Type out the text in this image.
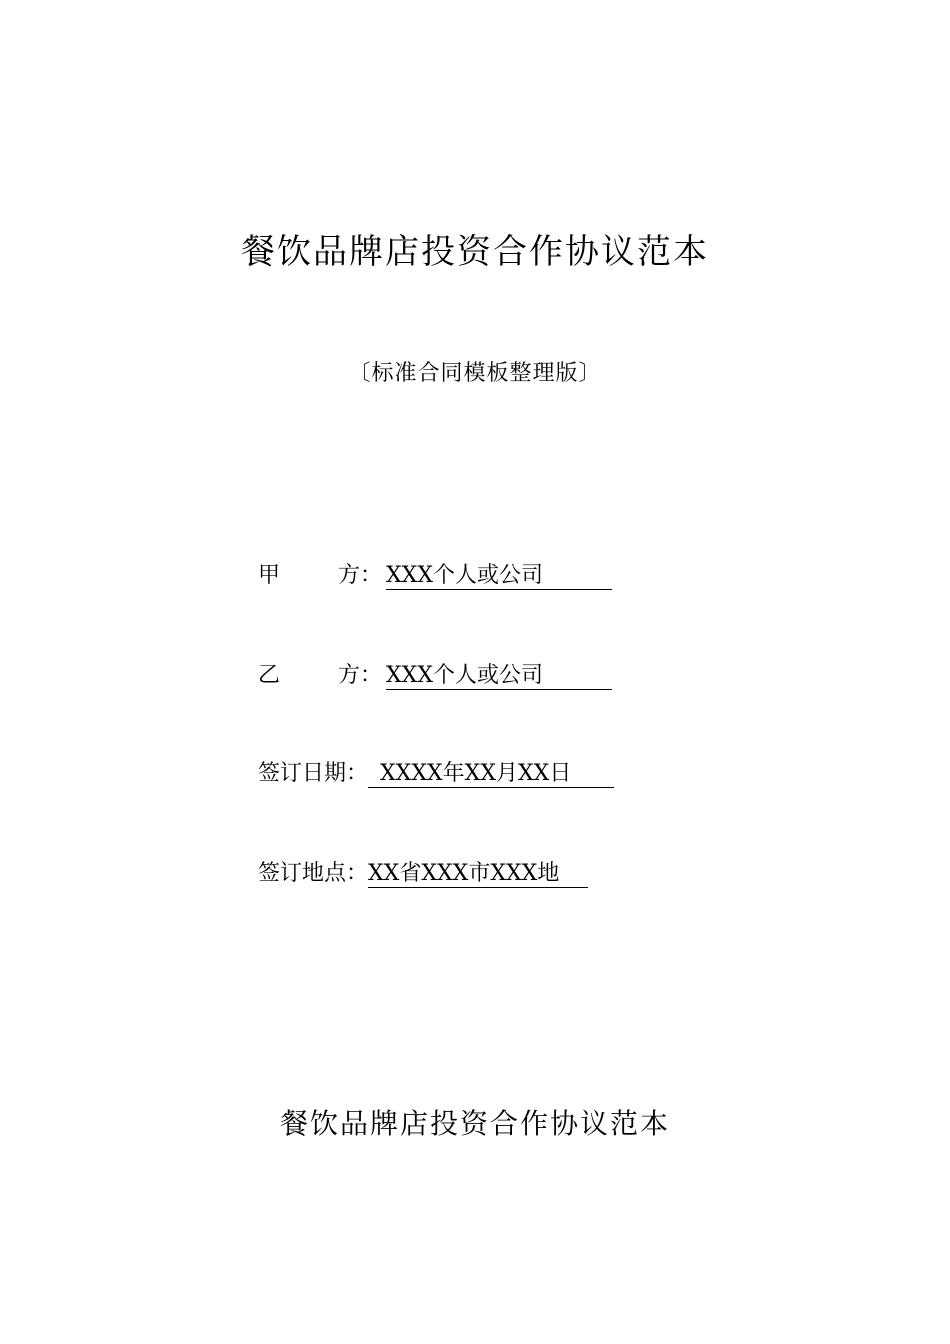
餐饮品牌店投资合作协议范本
〔标准合同模板整理版〕
甲	方： XXX个人或公司
乙	方： XXX个人或公司
签订日期： XXXX年XX月XX日
签订地点：XX省XXX市XXX地
餐饮品牌店投资合作协议范本
